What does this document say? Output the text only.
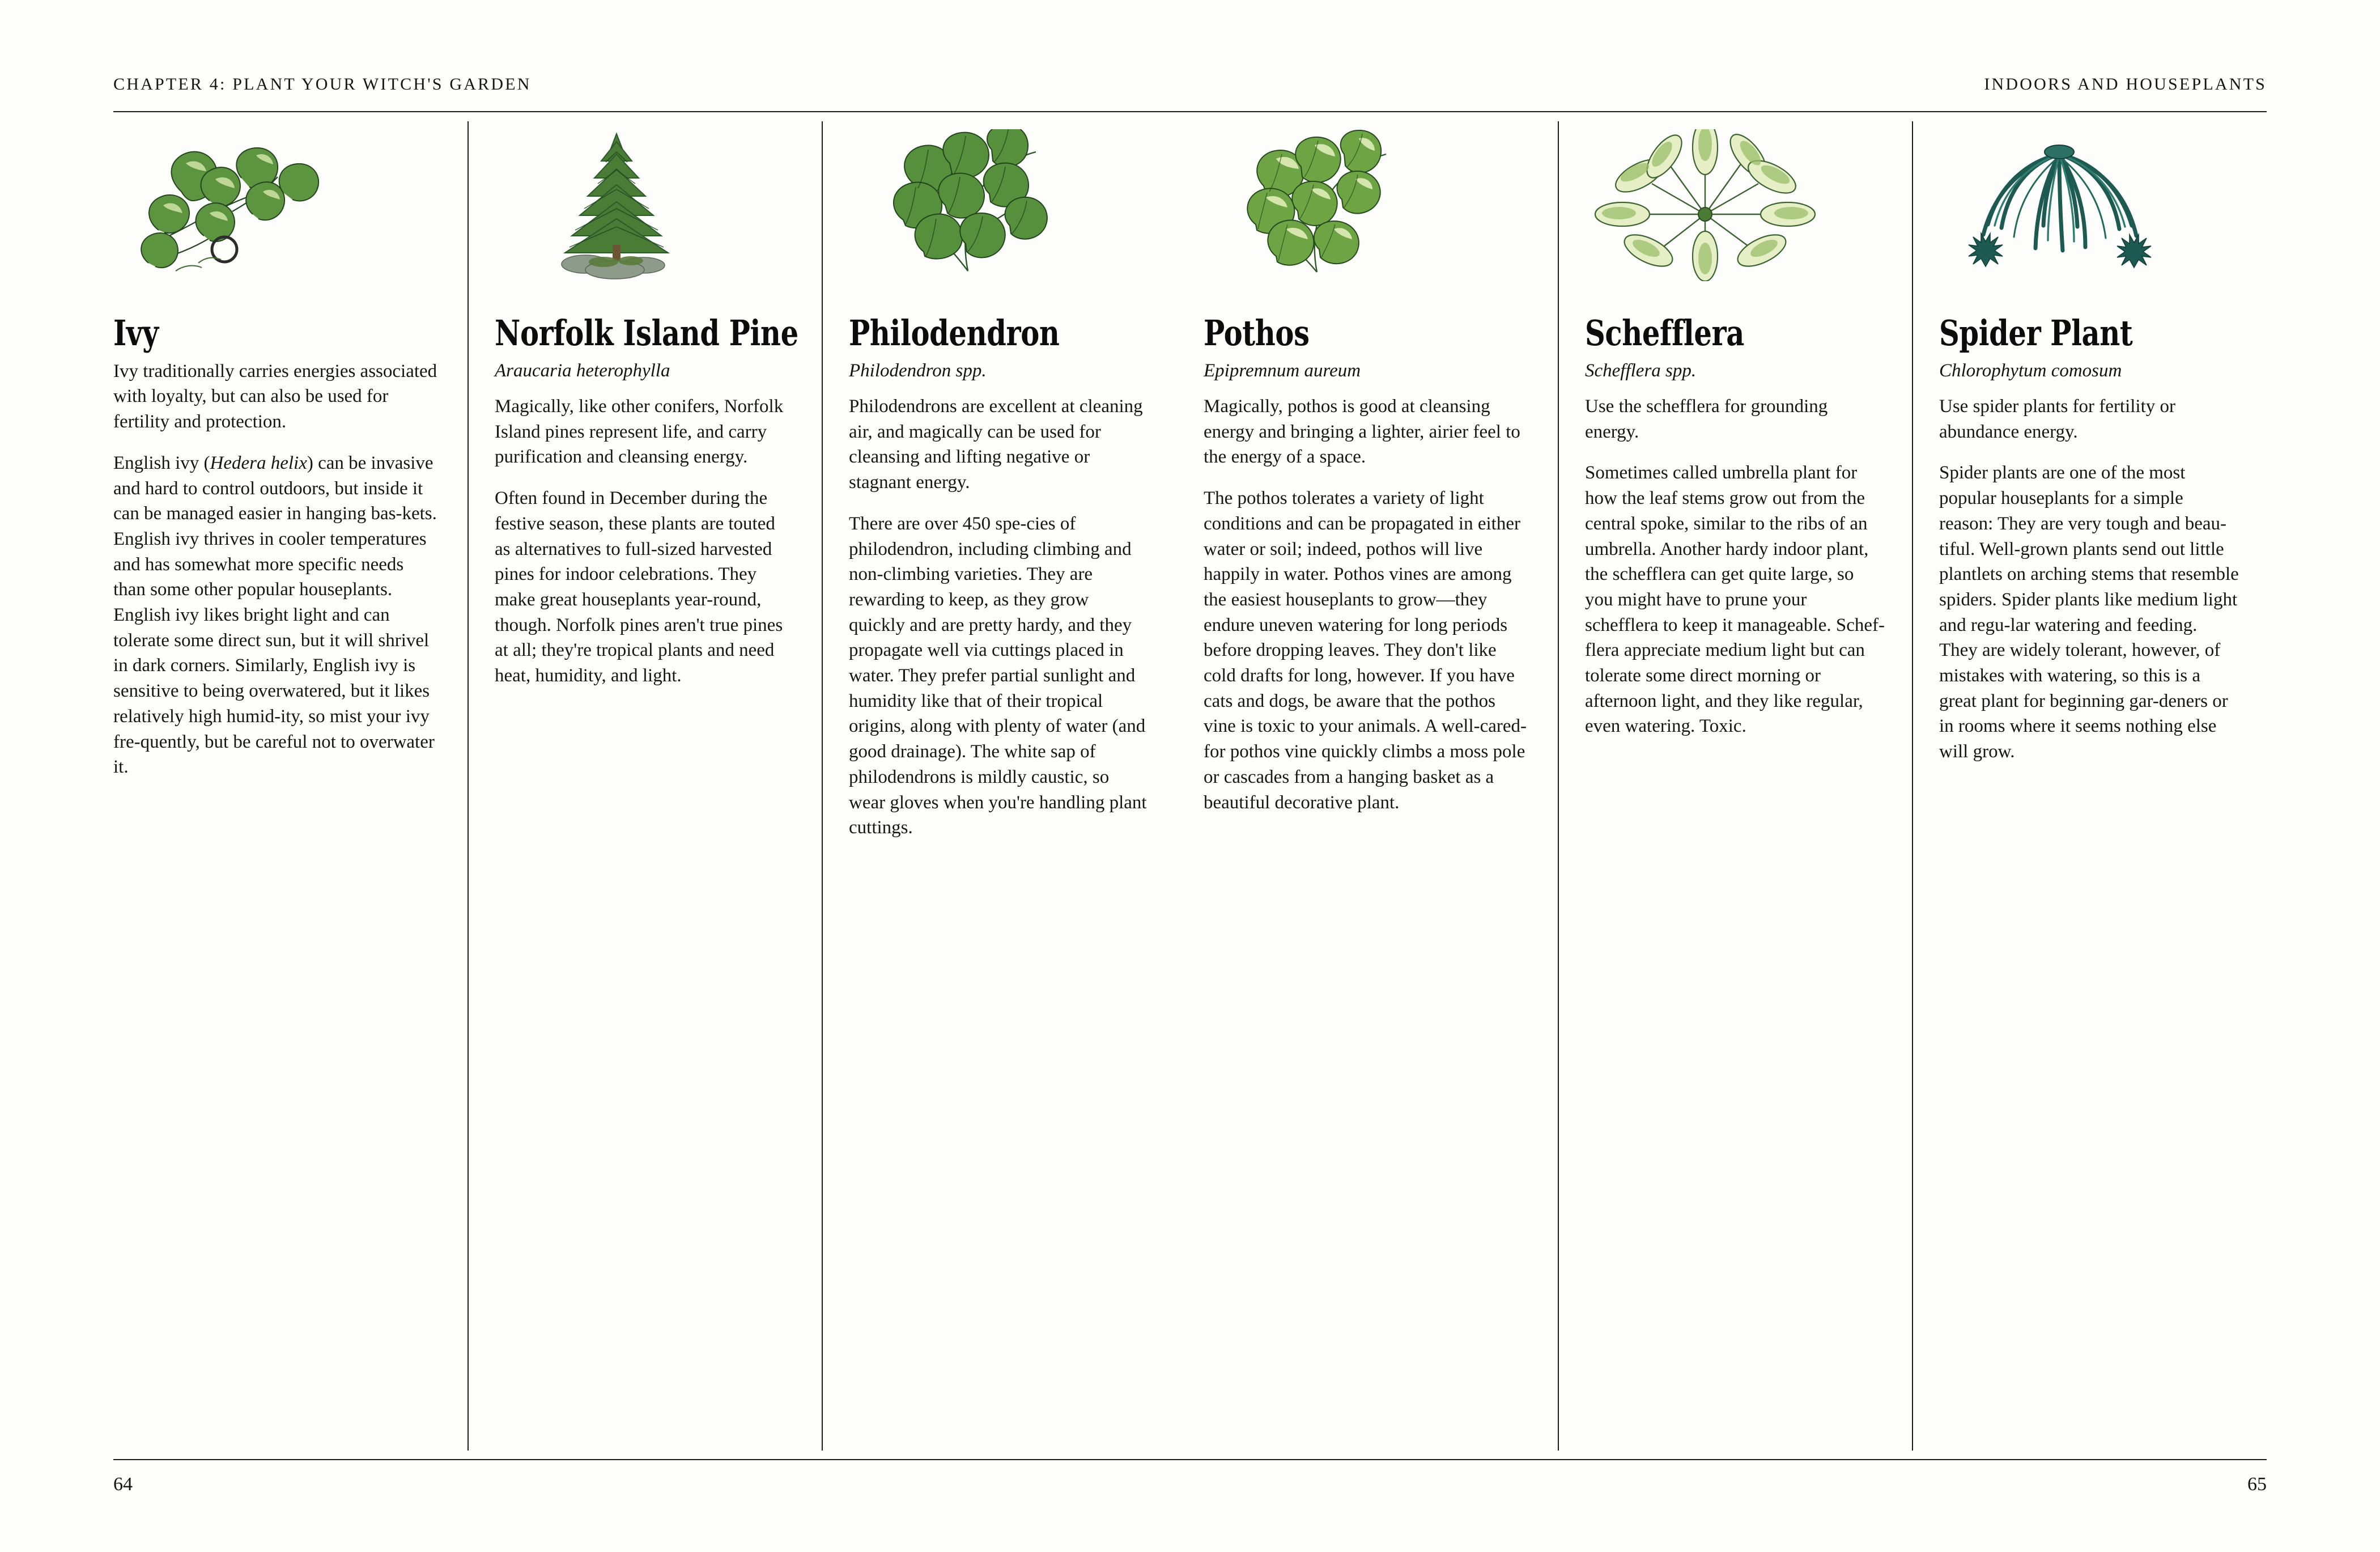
CHAPTER 4: PLANT YOUR WITCH'S GARDEN
Ivy

Ivy traditionally carries energies associated with loyalty, but can also be used for fertility and protection.

English ivy (Hedera helix) can be invasive and hard to control outdoors, but inside it can be managed easier in hanging bas-kets. English ivy thrives in cooler temperatures and has somewhat more specific needs than some other popular houseplants. English ivy likes bright light and can tolerate some direct sun, but it will shrivel in dark corners. Similarly, English ivy is sensitive to being overwatered, but it likes relatively high humid-ity, so mist your ivy fre-quently, but be careful not to overwater it.

Norfolk Island Pine
Araucaria heterophylla

Magically, like other conifers, Norfolk Island pines represent life, and carry purification and cleansing energy.

Often found in December during the festive season, these plants are touted as alternatives to full-sized harvested pines for indoor celebrations. They make great houseplants year-round, though. Norfolk pines aren't true pines at all; they're tropical plants and need heat, humidity, and light.

Philodendron
Philodendron spp.

Philodendrons are excellent at cleaning air, and magically can be used for cleansing and lifting negative or stagnant energy.

There are over 450 spe-cies of philodendron, including climbing and non-climbing varieties. They are rewarding to keep, as they grow quickly and are pretty hardy, and they propagate well via cuttings placed in water. They prefer partial sunlight and humidity like that of their tropical origins, along with plenty of water (and good drainage). The white sap of philodendrons is mildly caustic, so wear gloves when you're handling plant cuttings.

64
INDOORS AND HOUSEPLANTS
Pothos
Epipremnum aureum

Magically, pothos is good at cleansing energy and bringing a lighter, airier feel to the energy of a space.

The pothos tolerates a variety of light conditions and can be propagated in either water or soil; indeed, pothos will live happily in water. Pothos vines are among the easiest houseplants to grow—they endure uneven watering for long periods before dropping leaves. They don't like cold drafts for long, however. If you have cats and dogs, be aware that the pothos vine is toxic to your animals. A well-cared-for pothos vine quickly climbs a moss pole or cascades from a hanging basket as a beautiful decorative plant.

Schefflera
Schefflera spp.

Use the schefflera for grounding energy.

Sometimes called umbrella plant for how the leaf stems grow out from the central spoke, similar to the ribs of an umbrella. Another hardy indoor plant, the schefflera can get quite large, so you might have to prune your schefflera to keep it manageable. Schef-flera appreciate medium light but can tolerate some direct morning or afternoon light, and they like regular, even watering. Toxic.

Spider Plant
Chlorophytum comosum

Use spider plants for fertility or abundance energy.

Spider plants are one of the most popular houseplants for a simple reason: They are very tough and beau-tiful. Well-grown plants send out little plantlets on arching stems that resemble spiders. Spider plants like medium light and regu-lar watering and feeding. They are widely tolerant, however, of mistakes with watering, so this is a great plant for beginning gar-deners or in rooms where it seems nothing else will grow.

65
